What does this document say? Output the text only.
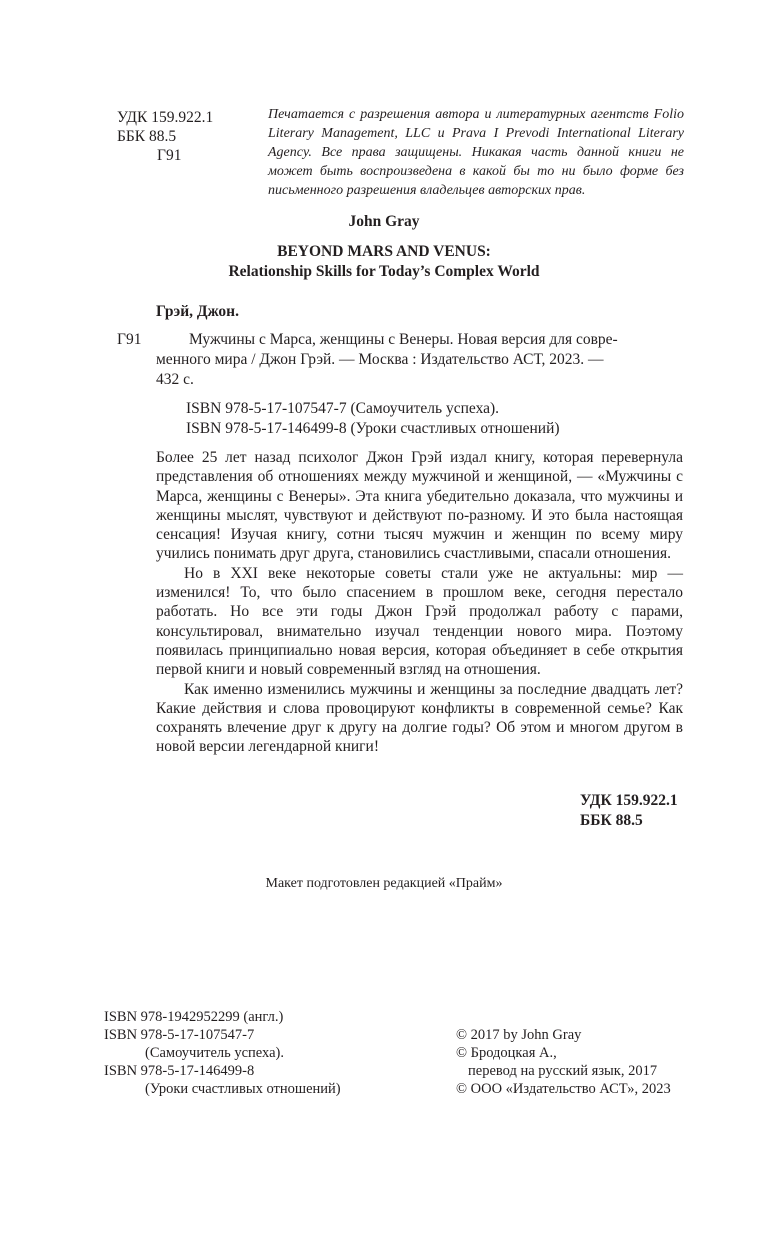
УДК 159.922.1
ББК 88.5
Г91
Печатается с разрешения автора и литературных агентств Folio Literary Management, LLC и Prava I Prevodi International Literary Agency. Все права защищены. Никакая часть данной книги не может быть воспроизведена в какой бы то ни было форме без письменного разрешения владельцев авторских прав.
John Gray
BEYOND MARS AND VENUS:
Relationship Skills for Today’s Complex World
Грэй, Джон.
Г91	Мужчины с Марса, женщины с Венеры. Новая версия для совре-
менного мира / Джон Грэй. — Москва : Издательство АСТ, 2023. —
432 с.
ISBN 978-5-17-107547-7 (Самоучитель успеха).
ISBN 978-5-17-146499-8 (Уроки счастливых отношений)

Более 25 лет назад психолог Джон Грэй издал книгу, которая перевернула представления об отношениях между мужчиной и женщиной, — «Мужчины с Марса, женщины с Венеры». Эта книга убедительно доказала, что мужчины и женщины мыслят, чувствуют и действуют по-разному. И это была настоящая сенсация! Изучая книгу, сотни тысяч мужчин и женщин по всему миру учились понимать друг друга, становились счастливыми, спасали отношения.

Но в XXI веке некоторые советы стали уже не актуальны: мир — изменился! То, что было спасением в прошлом веке, сегодня перестало работать. Но все эти годы Джон Грэй продолжал работу с парами, консультировал, внимательно изучал тенденции нового мира. Поэтому появилась принципиально новая версия, которая объединяет в себе открытия первой книги и новый современный взгляд на отношения.

Как именно изменились мужчины и женщины за последние двадцать лет? Какие действия и слова провоцируют конфликты в современной семье? Как сохранять влечение друг к другу на долгие годы? Об этом и многом другом в новой версии легендарной книги!

УДК 159.922.1
ББК 88.5
Макет подготовлен редакцией «Прайм»
ISBN 978-1942952299 (англ.)
ISBN 978-5-17-107547-7
(Самоучитель успеха).
ISBN 978-5-17-146499-8
(Уроки счастливых отношений)
© 2017 by John Gray
© Бродоцкая А.,
перевод на русский язык, 2017
© ООО «Издательство АСТ», 2023
